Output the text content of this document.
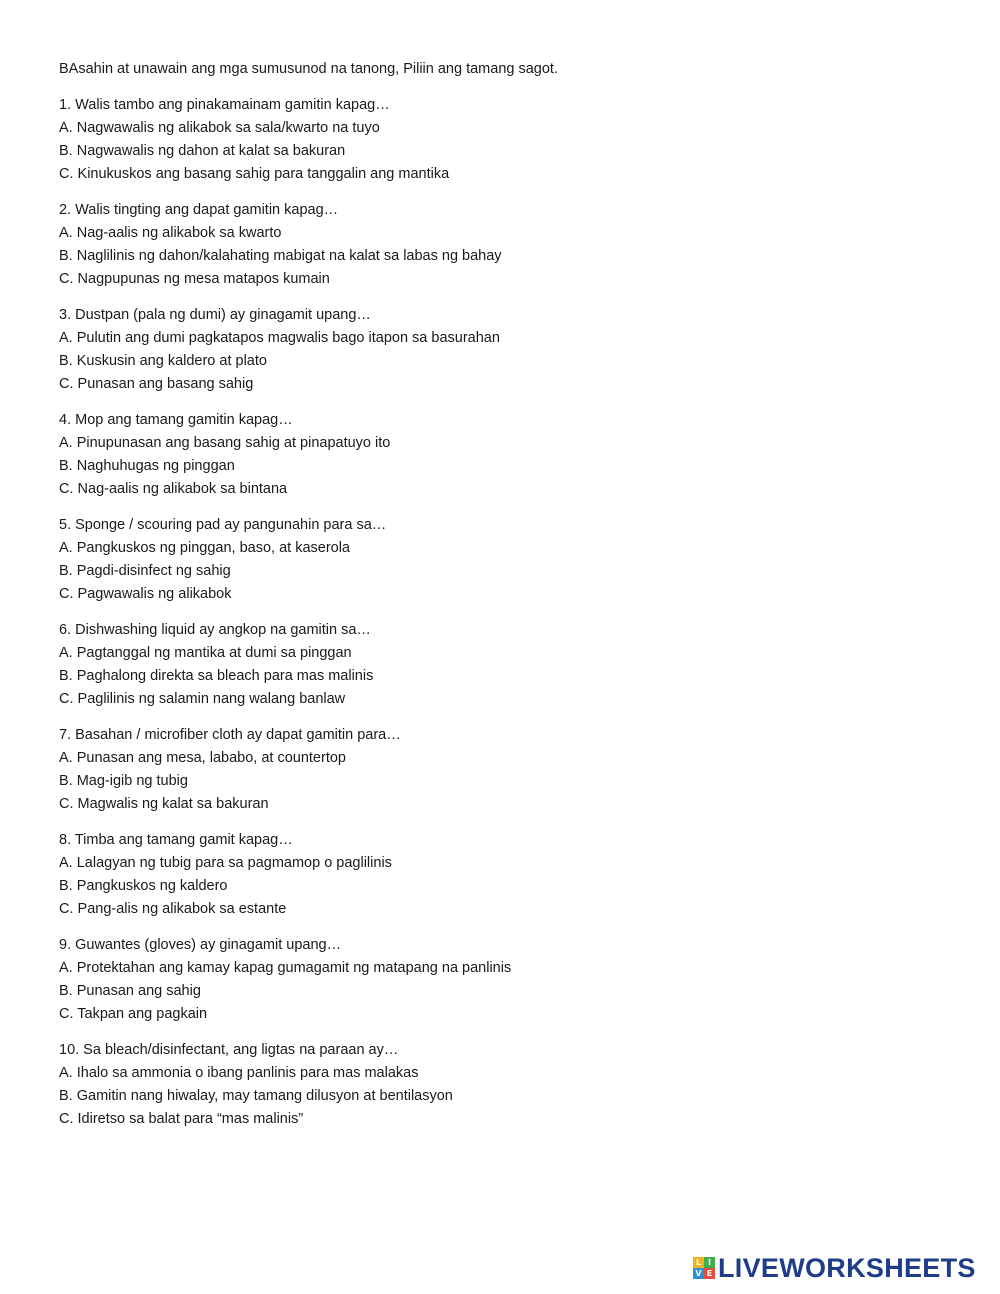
BAsahin at unawain ang mga sumusunod na tanong, Piliin ang tamang sagot.
1. Walis tambo ang pinakamainam gamitin kapag…
A. Nagwawalis ng alikabok sa sala/kwarto na tuyo
B. Nagwawalis ng dahon at kalat sa bakuran
C. Kinukuskos ang basang sahig para tanggalin ang mantika
2. Walis tingting ang dapat gamitin kapag…
A. Nag-aalis ng alikabok sa kwarto
B. Naglilinis ng dahon/kalahating mabigat na kalat sa labas ng bahay
C. Nagpupunas ng mesa matapos kumain
3. Dustpan (pala ng dumi) ay ginagamit upang…
A. Pulutin ang dumi pagkatapos magwalis bago itapon sa basurahan
B. Kuskusin ang kaldero at plato
C. Punasan ang basang sahig
4. Mop ang tamang gamitin kapag…
A. Pinupunasan ang basang sahig at pinapatuyo ito
B. Naghuhugas ng pinggan
C. Nag-aalis ng alikabok sa bintana
5. Sponge / scouring pad ay pangunahin para sa…
A. Pangkuskos ng pinggan, baso, at kaserola
B. Pagdi-disinfect ng sahig
C. Pagwawalis ng alikabok
6. Dishwashing liquid ay angkop na gamitin sa…
A. Pagtanggal ng mantika at dumi sa pinggan
B. Paghalong direkta sa bleach para mas malinis
C. Paglilinis ng salamin nang walang banlaw
7. Basahan / microfiber cloth ay dapat gamitin para…
A. Punasan ang mesa, lababo, at countertop
B. Mag-igib ng tubig
C. Magwalis ng kalat sa bakuran
8. Timba ang tamang gamit kapag…
A. Lalagyan ng tubig para sa pagmamop o paglilinis
B. Pangkuskos ng kaldero
C. Pang-alis ng alikabok sa estante
9. Guwantes (gloves) ay ginagamit upang…
A. Protektahan ang kamay kapag gumagamit ng matapang na panlinis
B. Punasan ang sahig
C. Takpan ang pagkain
10. Sa bleach/disinfectant, ang ligtas na paraan ay…
A. Ihalo sa ammonia o ibang panlinis para mas malakas
B. Gamitin nang hiwalay, may tamang dilusyon at bentilasyon
C. Idiretso sa balat para “mas malinis”
L I
V E LIVEWORKSHEETS
